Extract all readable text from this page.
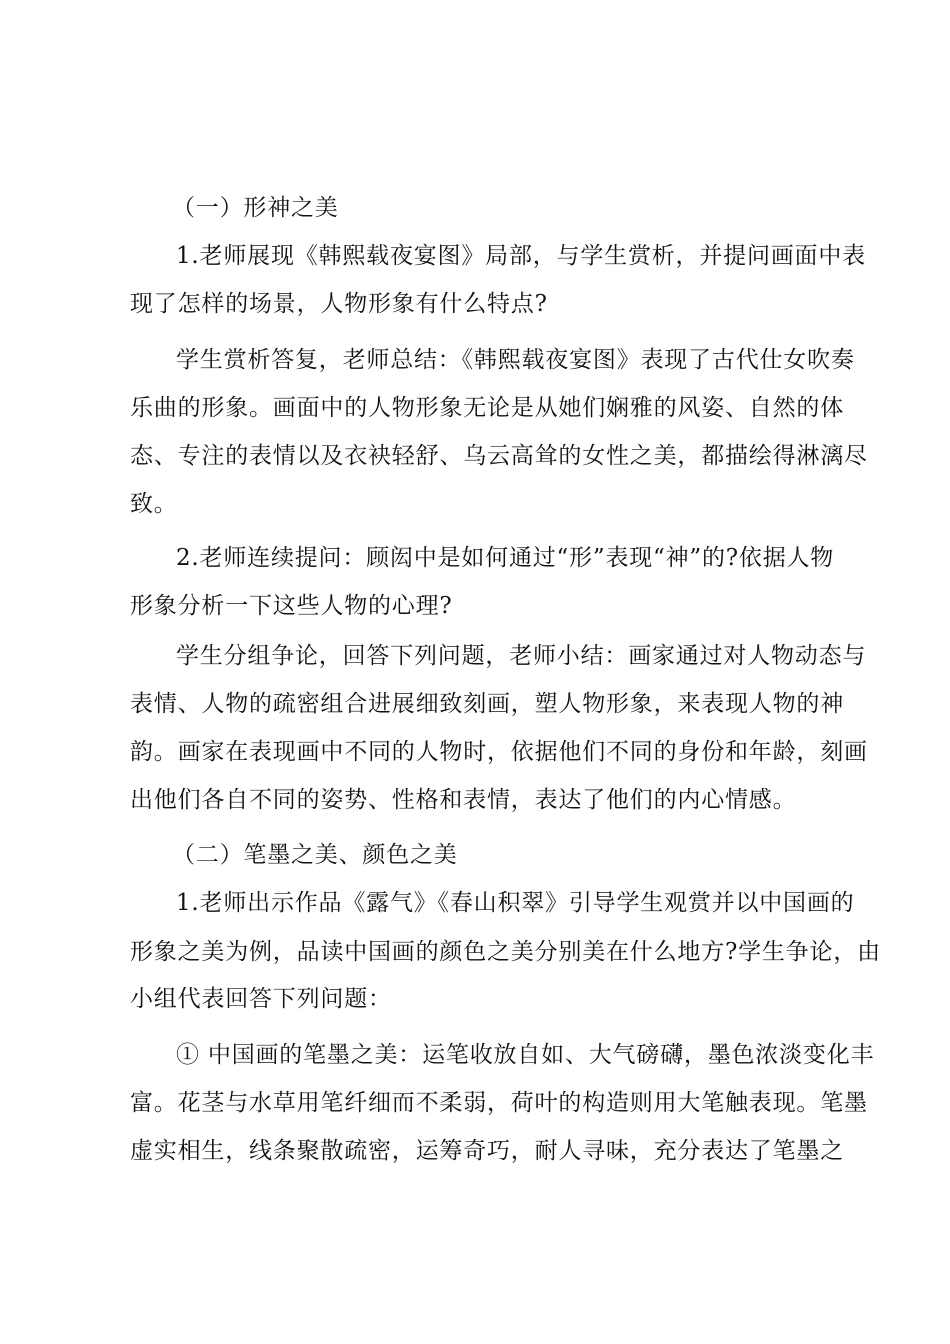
（一）形神之美
1.老师展现《韩熙载夜宴图》局部，与学生赏析，并提问画面中表
现了怎样的场景，人物形象有什么特点?
学生赏析答复，老师总结：《韩熙载夜宴图》表现了古代仕女吹奏
乐曲的形象。画面中的人物形象无论是从她们娴雅的风姿、自然的体
态、专注的表情以及衣袂轻舒、乌云高耸的女性之美，都描绘得淋漓尽
致。
2.老师连续提问：顾闳中是如何通过“形”表现“神”的?依据人物
形象分析一下这些人物的心理?
学生分组争论，回答下列问题，老师小结：画家通过对人物动态与
表情、人物的疏密组合进展细致刻画，塑人物形象，来表现人物的神
韵。画家在表现画中不同的人物时，依据他们不同的身份和年龄，刻画
出他们各自不同的姿势、性格和表情，表达了他们的内心情感。
（二）笔墨之美、颜色之美
1.老师出示作品《露气》《春山积翠》引导学生观赏并以中国画的
形象之美为例，品读中国画的颜色之美分别美在什么地方?学生争论，由
小组代表回答下列问题：
① 中国画的笔墨之美：运笔收放自如、大气磅礴，墨色浓淡变化丰
富。花茎与水草用笔纤细而不柔弱，荷叶的构造则用大笔触表现。笔墨
虚实相生，线条聚散疏密，运筹奇巧，耐人寻味，充分表达了笔墨之
